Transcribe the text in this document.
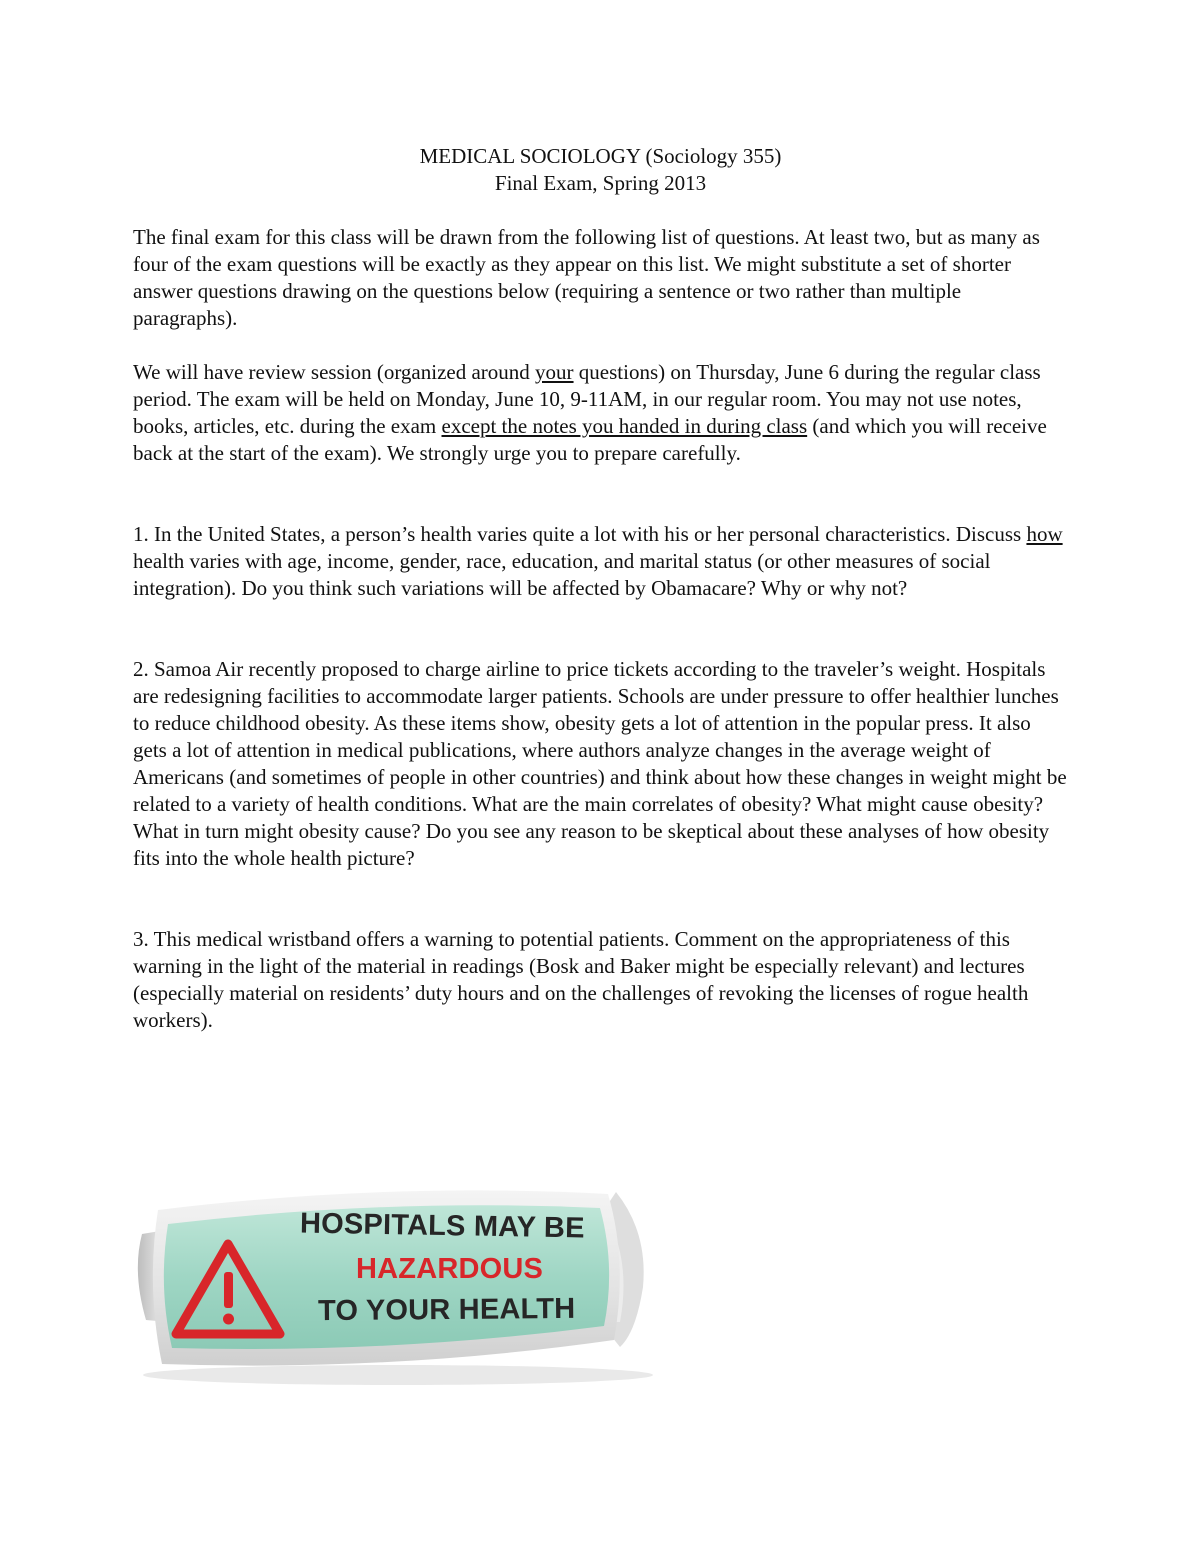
MEDICAL SOCIOLOGY (Sociology 355)

Final Exam, Spring 2013

The final exam for this class will be drawn from the following list of questions. At least two, but as many as four of the exam questions will be exactly as they appear on this list. We might substitute a set of shorter answer questions drawing on the questions below (requiring a sentence or two rather than multiple paragraphs).

We will have review session (organized around your questions) on Thursday, June 6 during the regular class period. The exam will be held on Monday, June 10, 9-11AM, in our regular room. You may not use notes, books, articles, etc. during the exam except the notes you handed in during class (and which you will receive back at the start of the exam). We strongly urge you to prepare carefully.

1. In the United States, a person’s health varies quite a lot with his or her personal characteristics. Discuss how health varies with age, income, gender, race, education, and marital status (or other measures of social integration). Do you think such variations will be affected by Obamacare? Why or why not?

2. Samoa Air recently proposed to charge airline to price tickets according to the traveler’s weight. Hospitals are redesigning facilities to accommodate larger patients. Schools are under pressure to offer healthier lunches to reduce childhood obesity. As these items show, obesity gets a lot of attention in the popular press. It also gets a lot of attention in medical publications, where authors analyze changes in the average weight of Americans (and sometimes of people in other countries) and think about how these changes in weight might be related to a variety of health conditions. What are the main correlates of obesity? What might cause obesity? What in turn might obesity cause? Do you see any reason to be skeptical about these analyses of how obesity fits into the whole health picture?

3. This medical wristband offers a warning to potential patients. Comment on the appropriateness of this warning in the light of the material in readings (Bosk and Baker might be especially relevant) and lectures (especially material on residents’ duty hours and on the challenges of revoking the licenses of rogue health workers).

HOSPITALS MAY BE
HAZARDOUS
TO YOUR HEALTH
